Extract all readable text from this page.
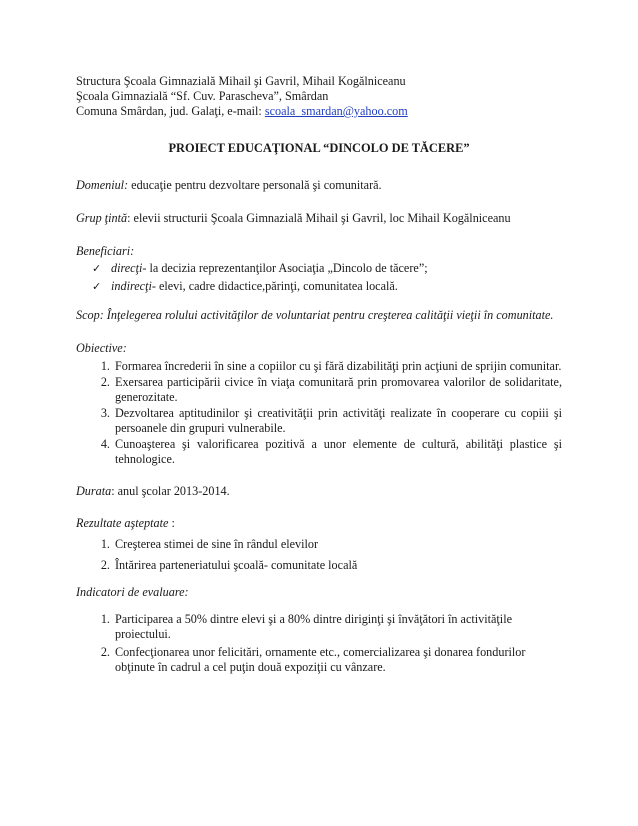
Structura Şcoala Gimnazială Mihail şi Gavril, Mihail Kogălniceanu

Şcoala Gimnazială “Sf. Cuv. Parascheva”, Smârdan

Comuna Smârdan, jud. Galaţi, e-mail: scoala_smardan@yahoo.com

PROIECT EDUCAŢIONAL “DINCOLO DE TĂCERE”

Domeniul: educaţie pentru dezvoltare personală şi comunitară.

Grup ţintă: elevii structurii Şcoala Gimnazială Mihail şi Gavril, loc Mihail Kogălniceanu

Beneficiari:

✓ direcţi- la decizia reprezentanţilor Asociaţia „Dincolo de tăcere”;
✓ indirecţi- elevi, cadre didactice,părinţi, comunitatea locală.

Scop: Înţelegerea rolului activităţilor de voluntariat pentru creşterea calităţii vieţii în comunitate.

Obiective:

1. Formarea încrederii în sine a copiilor cu şi fără dizabilităţi prin acţiuni de sprijin comunitar.
2. Exersarea participării civice în viaţa comunitară prin promovarea valorilor de solidaritate, generozitate.
3. Dezvoltarea aptitudinilor şi creativităţii prin activităţi realizate în cooperare cu copiii şi persoanele din grupuri vulnerabile.
4. Cunoaşterea şi valorificarea pozitivă a unor elemente de cultură, abilităţi plastice şi tehnologice.

Durata: anul şcolar 2013-2014.

Rezultate aşteptate :

1. Creşterea stimei de sine în rândul elevilor
2. Întărirea parteneriatului şcoală- comunitate locală

Indicatori de evaluare:

1. Participarea a 50% dintre elevi şi a 80% dintre diriginţi şi învăţători în activităţile proiectului.
2. Confecţionarea unor felicitări, ornamente etc., comercializarea şi donarea fondurilor obţinute în cadrul a cel puţin două expoziţii cu vânzare.
